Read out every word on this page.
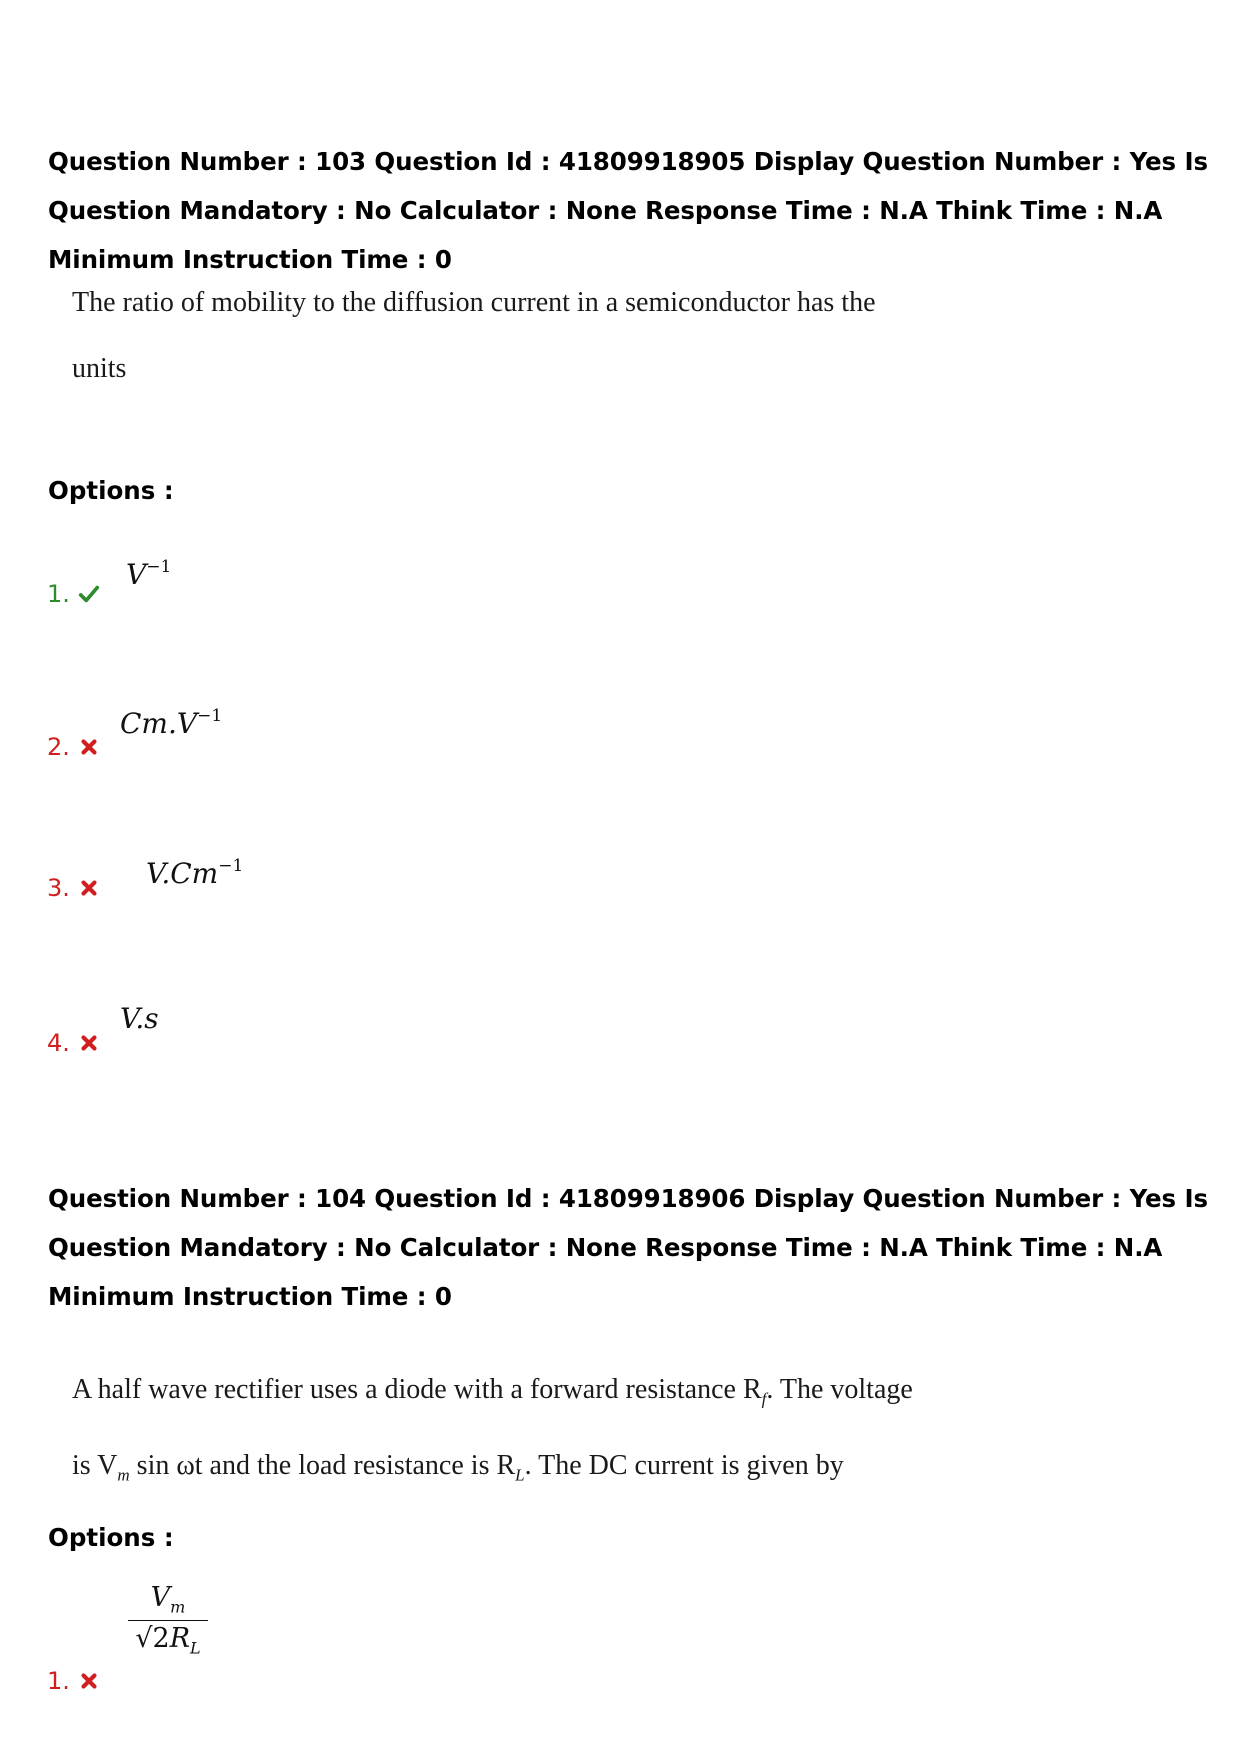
Question Number : 103 Question Id : 41809918905 Display Question Number : Yes Is Question Mandatory : No Calculator : None Response Time : N.A Think Time : N.A Minimum Instruction Time : 0

The ratio of mobility to the diffusion current in a semiconductor has the

units

Options :

1.
$V^{-1}$
2.
$Cm.V^{-1}$
3.	$V.Cm^{-1}$
4.
V.s

Question Number : 104 Question Id : 41809918906 Display Question Number : Yes Is Question Mandatory : No Calculator : None Response Time : N.A Think Time : N.A Minimum Instruction Time : 0

A half wave rectifier uses a diode with a forward resistance $R_f$. The voltage

is $V_m$ sin ωt and the load resistance is $R_L$. The DC current is given by

Options :

$\frac{V_m}{√2R_L}$
1.
